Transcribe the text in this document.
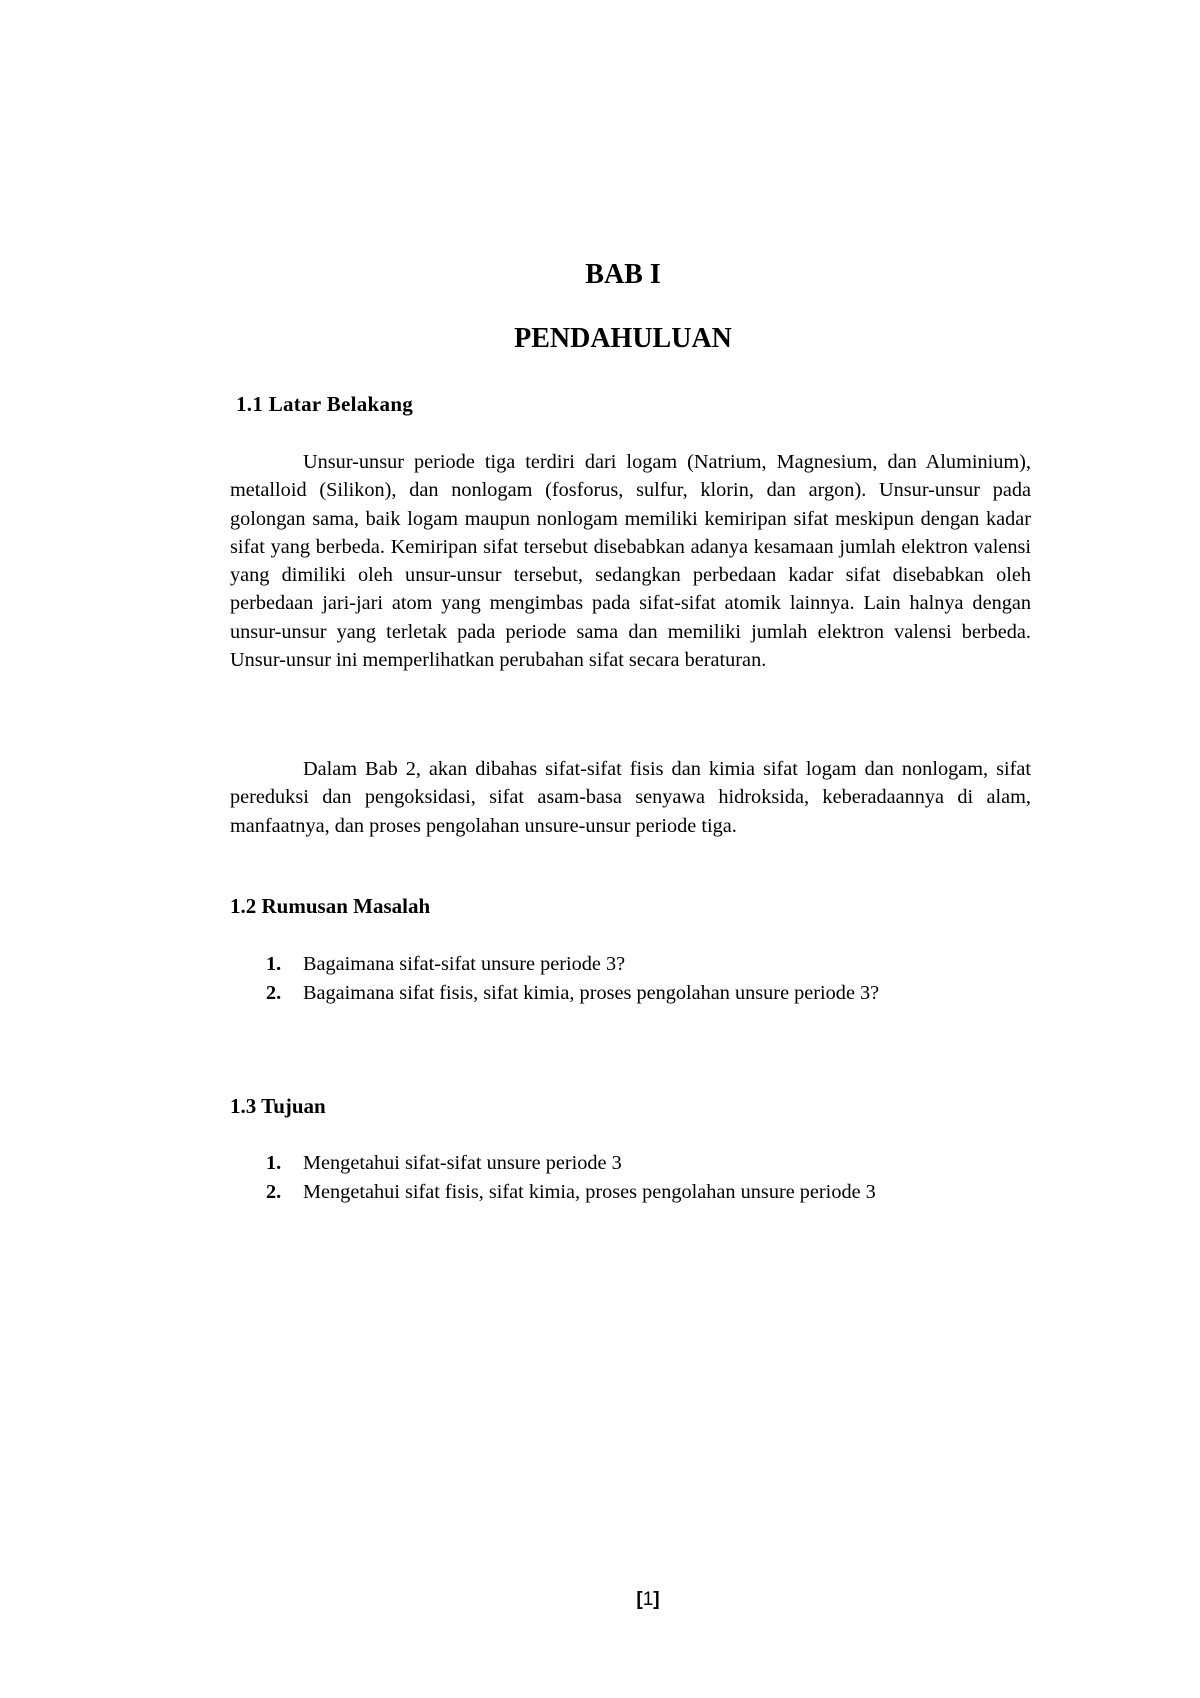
BAB I
PENDAHULUAN
1.1 Latar Belakang

Unsur-unsur periode tiga terdiri dari logam (Natrium, Magnesium, dan Aluminium), metalloid (Silikon), dan nonlogam (fosforus, sulfur, klorin, dan argon). Unsur-unsur pada golongan sama, baik logam maupun nonlogam memiliki kemiripan sifat meskipun dengan kadar sifat yang berbeda. Kemiripan sifat tersebut disebabkan adanya kesamaan jumlah elektron valensi yang dimiliki oleh unsur-unsur tersebut, sedangkan perbedaan kadar sifat disebabkan oleh perbedaan jari-jari atom yang mengimbas pada sifat-sifat atomik lainnya. Lain halnya dengan unsur-unsur yang terletak pada periode sama dan memiliki jumlah elektron valensi berbeda. Unsur-unsur ini memperlihatkan perubahan sifat secara beraturan.

Dalam Bab 2, akan dibahas sifat-sifat fisis dan kimia sifat logam dan nonlogam, sifat pereduksi dan pengoksidasi, sifat asam-basa senyawa hidroksida, keberadaannya di alam, manfaatnya, dan proses pengolahan unsure-unsur periode tiga.

1.2 Rumusan Masalah
1. Bagaimana sifat-sifat unsure periode 3?
2. Bagaimana sifat fisis, sifat kimia, proses pengolahan unsure periode 3?
1.3 Tujuan
1. Mengetahui sifat-sifat unsure periode 3
2. Mengetahui sifat fisis, sifat kimia, proses pengolahan unsure periode 3
[1]
